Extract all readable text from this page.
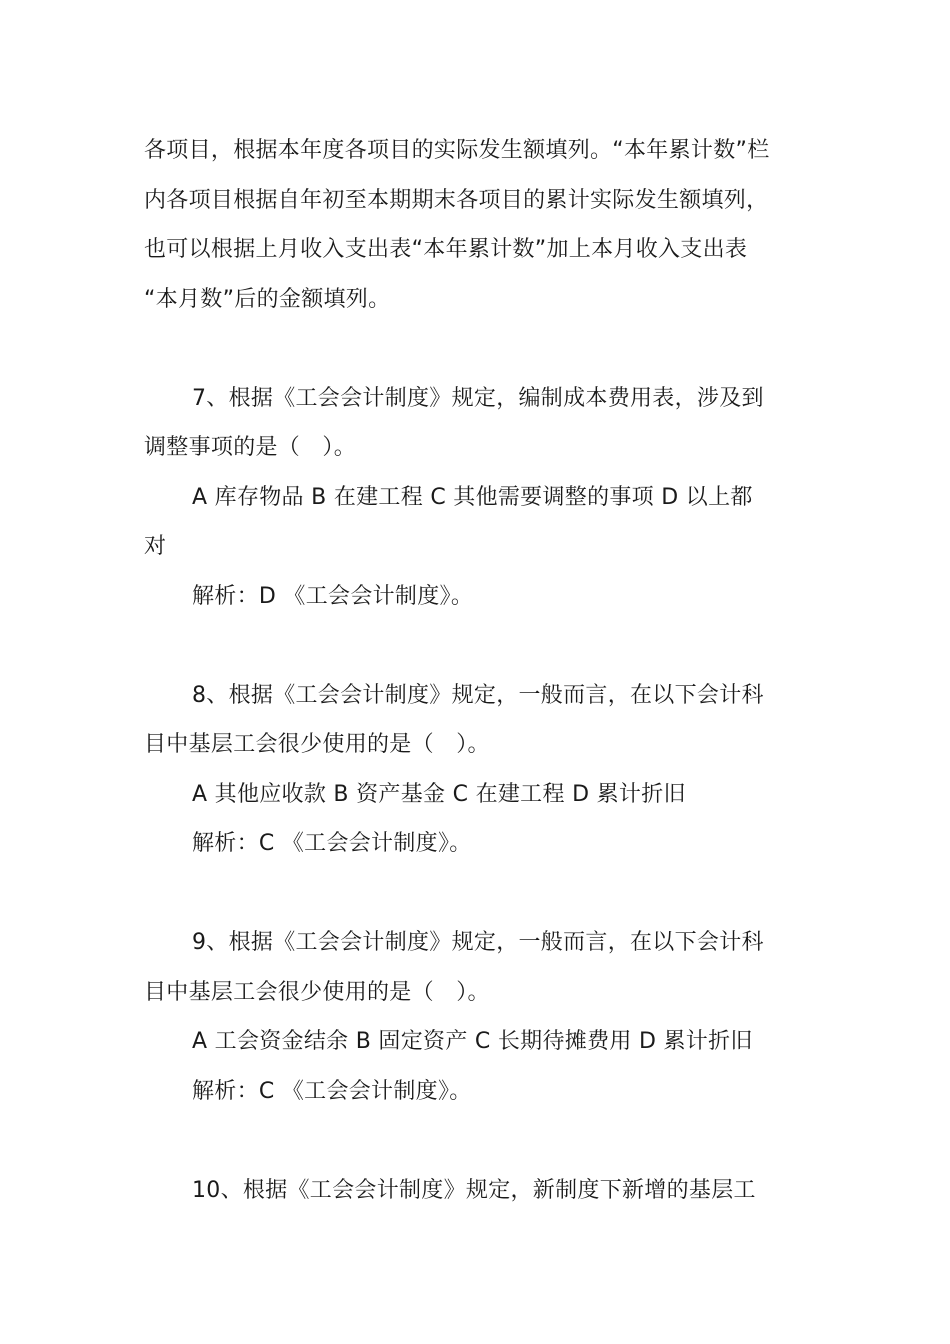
各项目，根据本年度各项目的实际发生额填列。“本年累计数”栏
内各项目根据自年初至本期期末各项目的累计实际发生额填列，
也可以根据上月收入支出表“本年累计数”加上本月收入支出表
“本月数”后的金额填列。

7、根据《工会会计制度》规定，编制成本费用表，涉及到
调整事项的是（　）。

A 库存物品 B 在建工程 C 其他需要调整的事项 D 以上都
对

解析：D 《工会会计制度》。

8、根据《工会会计制度》规定，一般而言，在以下会计科
目中基层工会很少使用的是（　）。

A 其他应收款 B 资产基金 C 在建工程 D 累计折旧

解析：C 《工会会计制度》。

9、根据《工会会计制度》规定，一般而言，在以下会计科
目中基层工会很少使用的是（　）。

A 工会资金结余 B 固定资产 C 长期待摊费用 D 累计折旧

解析：C 《工会会计制度》。

10、根据《工会会计制度》规定，新制度下新增的基层工
